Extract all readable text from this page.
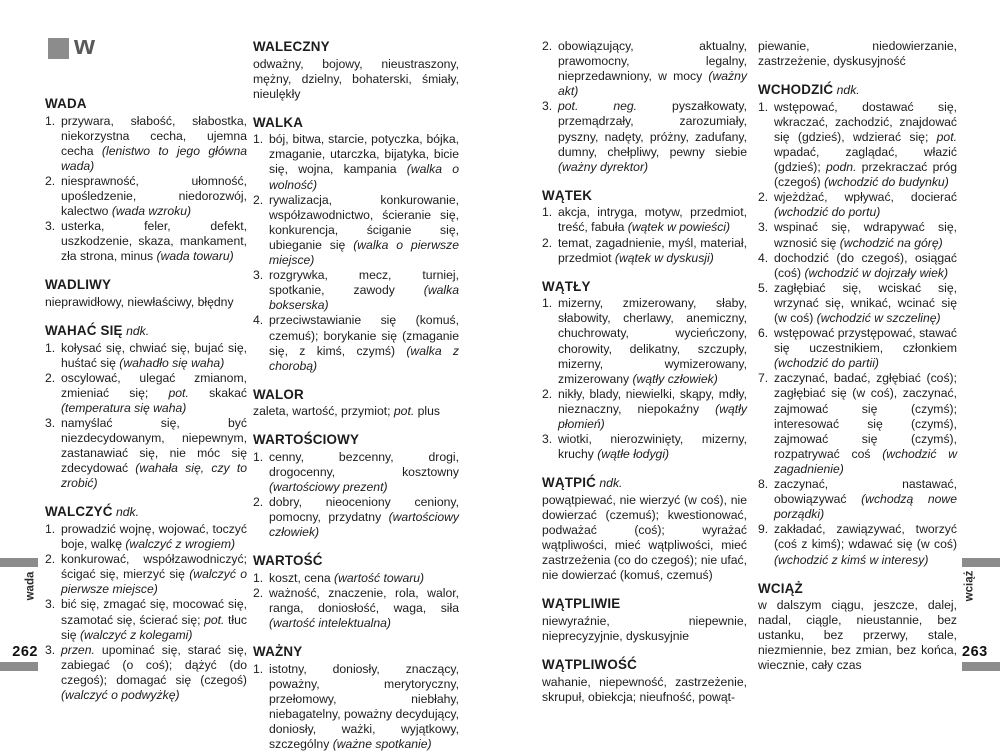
w
WADA
1. przywara, słabość, słabostka, niekorzystna cecha, ujemna cecha (lenistwo to jego główna wada)
2. niesprawność, ułomność, upośledzenie, niedorozwój, kalectwo (wada wzroku)
3. usterka, feler, defekt, uszkodzenie, skaza, mankament, zła strona, minus (wada towaru)
WADLIWY
nieprawidłowy, niewłaściwy, błędny
WAHAĆ SIĘ ndk.
1. kołysać się, chwiać się, bujać się, huśtać się (wahadło się waha)
2. oscylować, ulegać zmianom, zmieniać się; pot. skakać (temperatura się waha)
3. namyślać się, być niezdecydowanym, niepewnym, zastanawiać się, nie móc się zdecydować (wahała się, czy to zrobić)
WALCZYĆ ndk.
1. prowadzić wojnę, wojować, toczyć boje, walkę (walczyć z wrogiem)
2. konkurować, współzawodniczyć; ścigać się, mierzyć się (walczyć o pierwsze miejsce)
3. bić się, zmagać się, mocować się, szamotać się, ścierać się; pot. tłuc się (walczyć z kolegami)
3. przen. upominać się, starać się, zabiegać (o coś); dążyć (do czegoś); domagać się (czegoś) (walczyć o podwyżkę)
WALECZNY
odważny, bojowy, nieustraszony, mężny, dzielny, bohaterski, śmiały, nieulękły
WALKA
1. bój, bitwa, starcie, potyczka, bójka, zmaganie, utarczka, bijatyka, bicie się, wojna, kampania (walka o wolność)
2. rywalizacja, konkurowanie, współzawodnictwo, ścieranie się, konkurencja, ściganie się, ubieganie się (walka o pierwsze miejsce)
3. rozgrywka, mecz, turniej, spotkanie, zawody (walka bokserska)
4. przeciwstawianie się (komuś, czemuś); borykanie się (zmaganie się, z kimś, czymś) (walka z chorobą)
WALOR
zaleta, wartość, przymiot; pot. plus
WARTOŚCIOWY
1. cenny, bezcenny, drogi, drogocenny, kosztowny (wartościowy prezent)
2. dobry, nieoceniony ceniony, pomocny, przydatny (wartościowy człowiek)
WARTOŚĆ
1. koszt, cena (wartość towaru)
2. ważność, znaczenie, rola, walor, ranga, doniosłość, waga, siła (wartość intelektualna)
WAŻNY
1. istotny, doniosły, znaczący, poważny, merytoryczny, przełomowy, niebłahy, niebagatelny, poważny decydujący, doniosły, ważki, wyjątkowy, szczególny (ważne spotkanie)
2. obowiązujący, aktualny, prawomocny, legalny, nieprzedawniony, w mocy (ważny akt)
3. pot. neg. pyszałkowaty, przemądrzały, zarozumiały, pyszny, nadęty, próżny, zadufany, dumny, chełpliwy, pewny siebie (ważny dyrektor)
WĄTEK
1. akcja, intryga, motyw, przedmiot, treść, fabuła (wątek w powieści)
2. temat, zagadnienie, myśl, materiał, przedmiot (wątek w dyskusji)
WĄTŁY
1. mizerny, zmizerowany, słaby, słabowity, cherlawy, anemiczny, chuchrowaty, wycieńczony, chorowity, delikatny, szczupły, mizerny, wymizerowany, zmizerowany (wątły człowiek)
2. nikły, blady, niewielki, skąpy, mdły, nieznaczny, niepokaźny (wątły płomień)
3. wiotki, nierozwinięty, mizerny, kruchy (wątłe łodygi)
WĄTPIĆ ndk.
powątpiewać, nie wierzyć (w coś), nie dowierzać (czemuś); kwestionować, podważać (coś); wyrażać wątpliwości, mieć wątpliwości, mieć zastrzeżenia (co do czegoś); nie ufać, nie dowierzać (komuś, czemuś)
WĄTPLIWIE
niewyraźnie, niepewnie, nieprecyzyjnie, dyskusyjnie
WĄTPLIWOŚĆ
wahanie, niepewność, zastrzeżenie, skrupuł, obiekcja; nieufność, powąt-
piewanie, niedowierzanie, zastrzeżenie, dyskusyjność
WCHODZIĆ ndk.
1. wstępować, dostawać się, wkraczać, zachodzić, znajdować się (gdzieś), wdzierać się; pot. wpadać, zaglądać, włazić (gdzieś); podn. przekraczać próg (czegoś) (wchodzić do budynku)
2. wjeżdżać, wpływać, docierać (wchodzić do portu)
3. wspinać się, wdrapywać się, wznosić się (wchodzić na górę)
4. dochodzić (do czegoś), osiągać (coś) (wchodzić w dojrzały wiek)
5. zagłębiać się, wciskać się, wrzynać się, wnikać, wcinać się (w coś) (wchodzić w szczelinę)
6. wstępować przystępować, stawać się uczestnikiem, członkiem (wchodzić do partii)
7. zaczynać, badać, zgłębiać (coś); zagłębiać się (w coś), zaczynać, zajmować się (czymś); interesować się (czymś), zajmować się (czymś), rozpatrywać coś (wchodzić w zagadnienie)
8. zaczynać, nastawać, obowiązywać (wchodzą nowe porządki)
9. zakładać, zawiązywać, tworzyć (coś z kimś); wdawać się (w coś) (wchodzić z kimś w interesy)
WCIĄŻ
w dalszym ciągu, jeszcze, dalej, nadal, ciągle, nieustannie, bez ustanku, bez przerwy, stale, niezmiennie, bez zmian, bez końca, wiecznie, cały czas
wada	wciąż
262	263
